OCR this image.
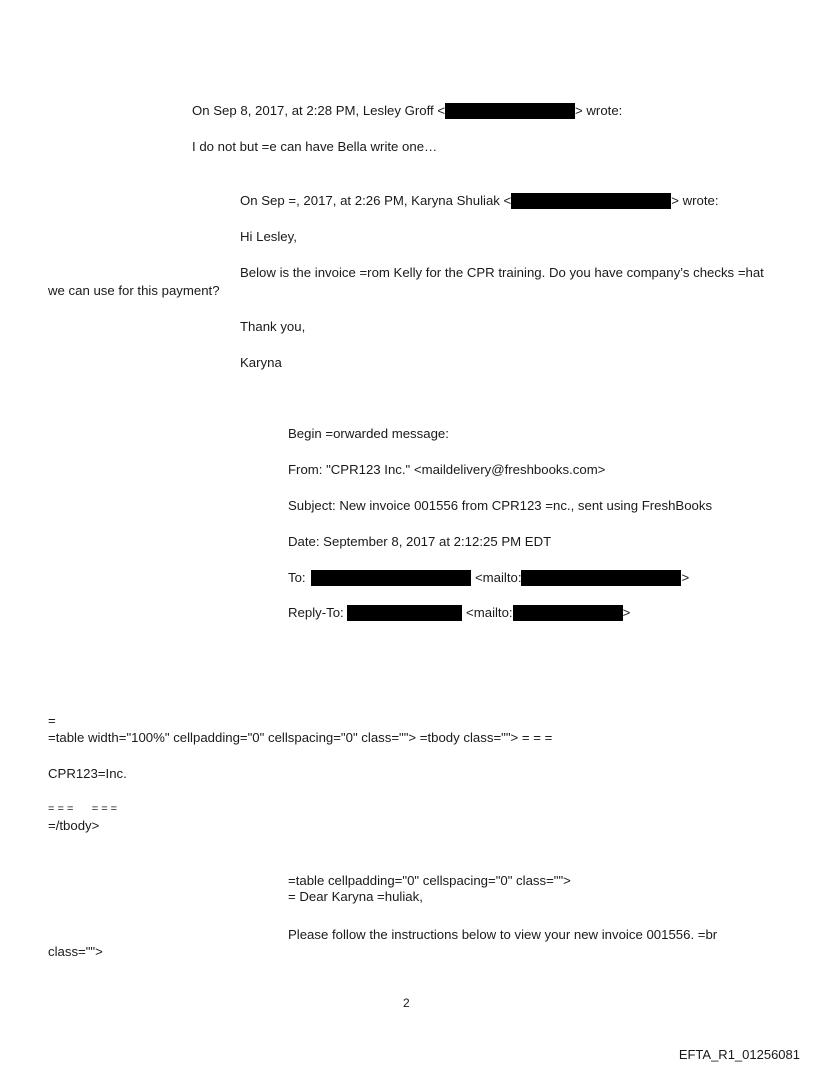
On Sep 8, 2017, at 2:28 PM, Lesley Groff <	> wrote:
I do not but =e can have Bella write one…
On Sep =, 2017, at 2:26 PM, Karyna Shuliak <	> wrote:
Hi Lesley,
Below is the invoice =rom Kelly for the CPR training. Do you have company’s checks =hat
we can use for this payment?
Thank you,
Karyna
Begin =orwarded message:
From: "CPR123 Inc." <maildelivery@freshbooks.com>
Subject: New invoice 001556 from CPR123 =nc., sent using FreshBooks
Date: September 8, 2017 at 2:12:25 PM EDT
To:	<mailto:	>
Reply-To:	<mailto:	>
=
=table width="100%" cellpadding="0" cellspacing="0" class=""> =tbody class=""> = = =
CPR123=Inc.
= = =      = = =
=/tbody>
=table cellpadding="0" cellspacing="0" class="">
= Dear Karyna =huliak,
Please follow the instructions below to view your new invoice 001556. =br
class="">
2
EFTA_R1_01256081
